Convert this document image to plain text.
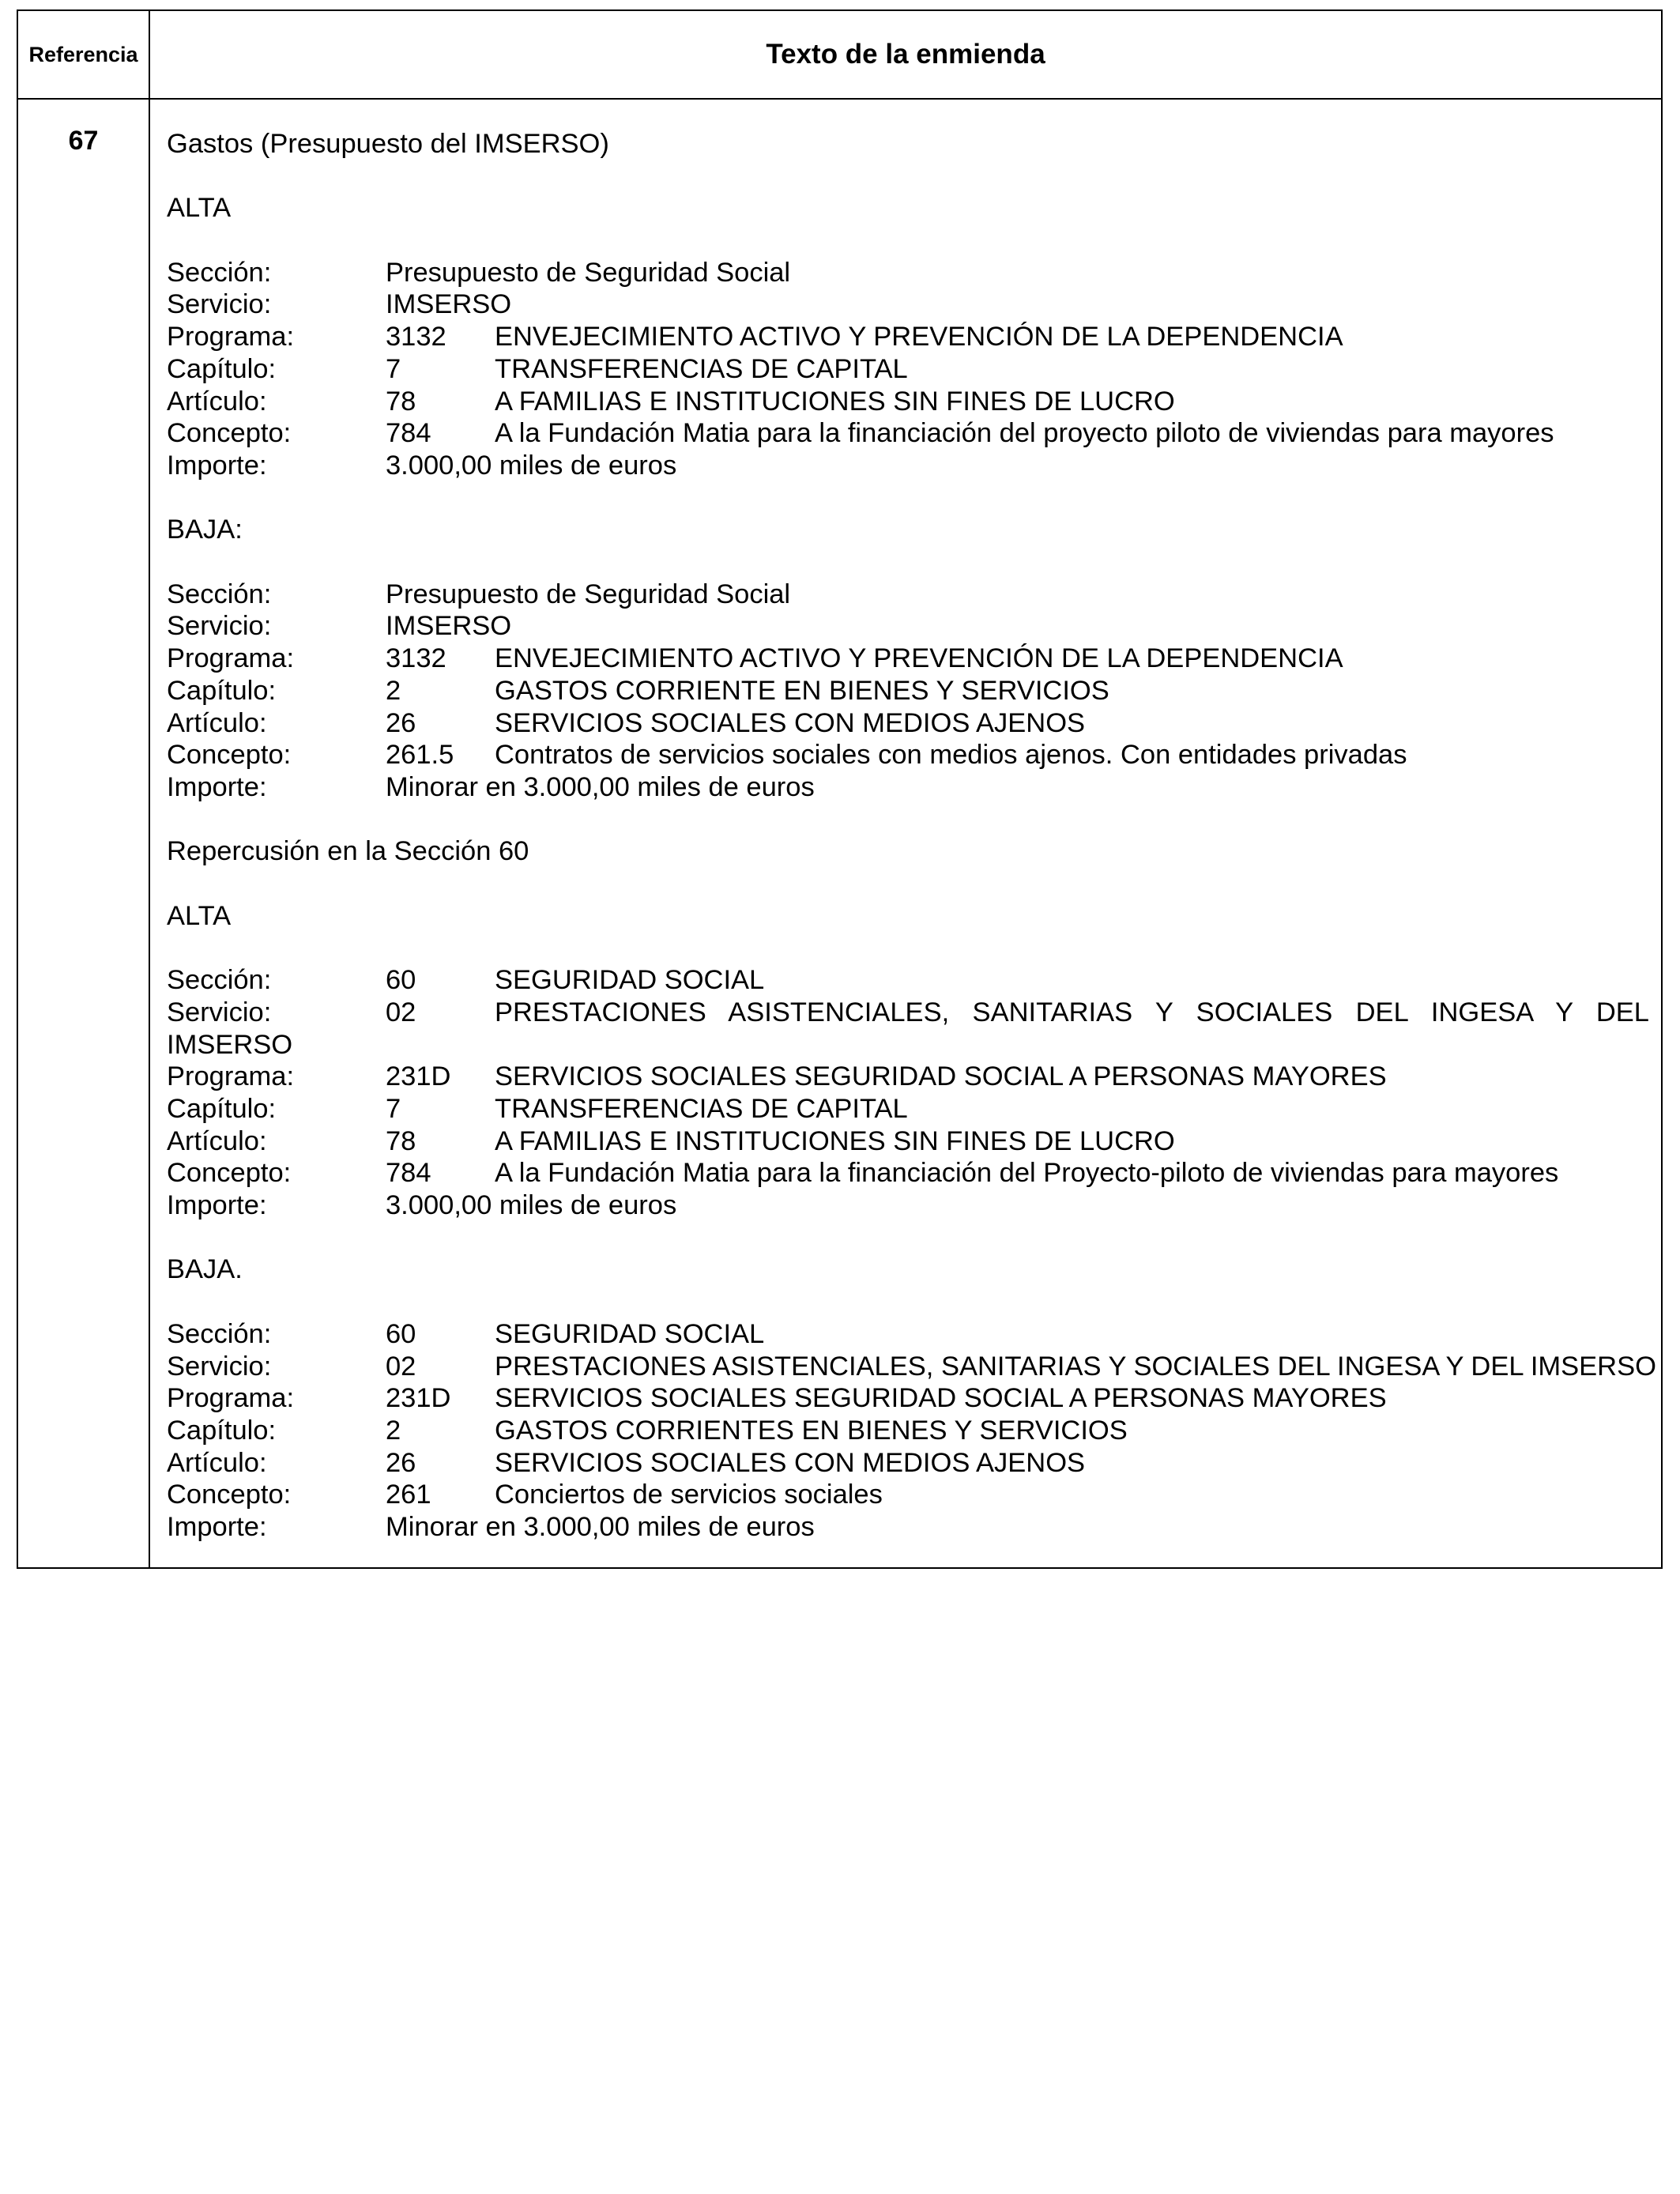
Referencia	Texto de la enmienda
67	Gastos (Presupuesto del IMSERSO)
ALTA
Sección:	Presupuesto de Seguridad Social
Servicio:	IMSERSO
Programa:	3132	ENVEJECIMIENTO ACTIVO Y PREVENCIÓN DE LA DEPENDENCIA
Capítulo:	7	TRANSFERENCIAS DE CAPITAL
Artículo:	78	A FAMILIAS E INSTITUCIONES SIN FINES DE LUCRO
Concepto:	784	A la Fundación Matia para la financiación del proyecto piloto de viviendas para mayores
Importe:	3.000,00 miles de euros
BAJA:
Sección:	Presupuesto de Seguridad Social
Servicio:	IMSERSO
Programa:	3132	ENVEJECIMIENTO ACTIVO Y PREVENCIÓN DE LA DEPENDENCIA
Capítulo:	2	GASTOS CORRIENTE EN BIENES Y SERVICIOS
Artículo:	26	SERVICIOS SOCIALES CON MEDIOS AJENOS
Concepto:	261.5	Contratos de servicios sociales con medios ajenos. Con entidades privadas
Importe:	Minorar en 3.000,00 miles de euros
Repercusión en la Sección 60
ALTA
Sección:	60	SEGURIDAD SOCIAL
Servicio:	02	PRESTACIONES ASISTENCIALES, SANITARIAS Y SOCIALES DEL INGESA Y DEL
IMSERSO
Programa:	231D	SERVICIOS SOCIALES SEGURIDAD SOCIAL A PERSONAS MAYORES
Capítulo:	7	TRANSFERENCIAS DE CAPITAL
Artículo:	78	A FAMILIAS E INSTITUCIONES SIN FINES DE LUCRO
Concepto:	784	A la Fundación Matia para la financiación del Proyecto-piloto de viviendas para mayores
Importe:	3.000,00 miles de euros
BAJA.
Sección:	60	SEGURIDAD SOCIAL
Servicio:	02	PRESTACIONES ASISTENCIALES, SANITARIAS Y SOCIALES DEL INGESA Y DEL IMSERSO
Programa:	231D	SERVICIOS SOCIALES SEGURIDAD SOCIAL A PERSONAS MAYORES
Capítulo:	2	GASTOS CORRIENTES EN BIENES Y SERVICIOS
Artículo:	26	SERVICIOS SOCIALES CON MEDIOS AJENOS
Concepto:	261	Conciertos de servicios sociales
Importe:	Minorar en 3.000,00 miles de euros
